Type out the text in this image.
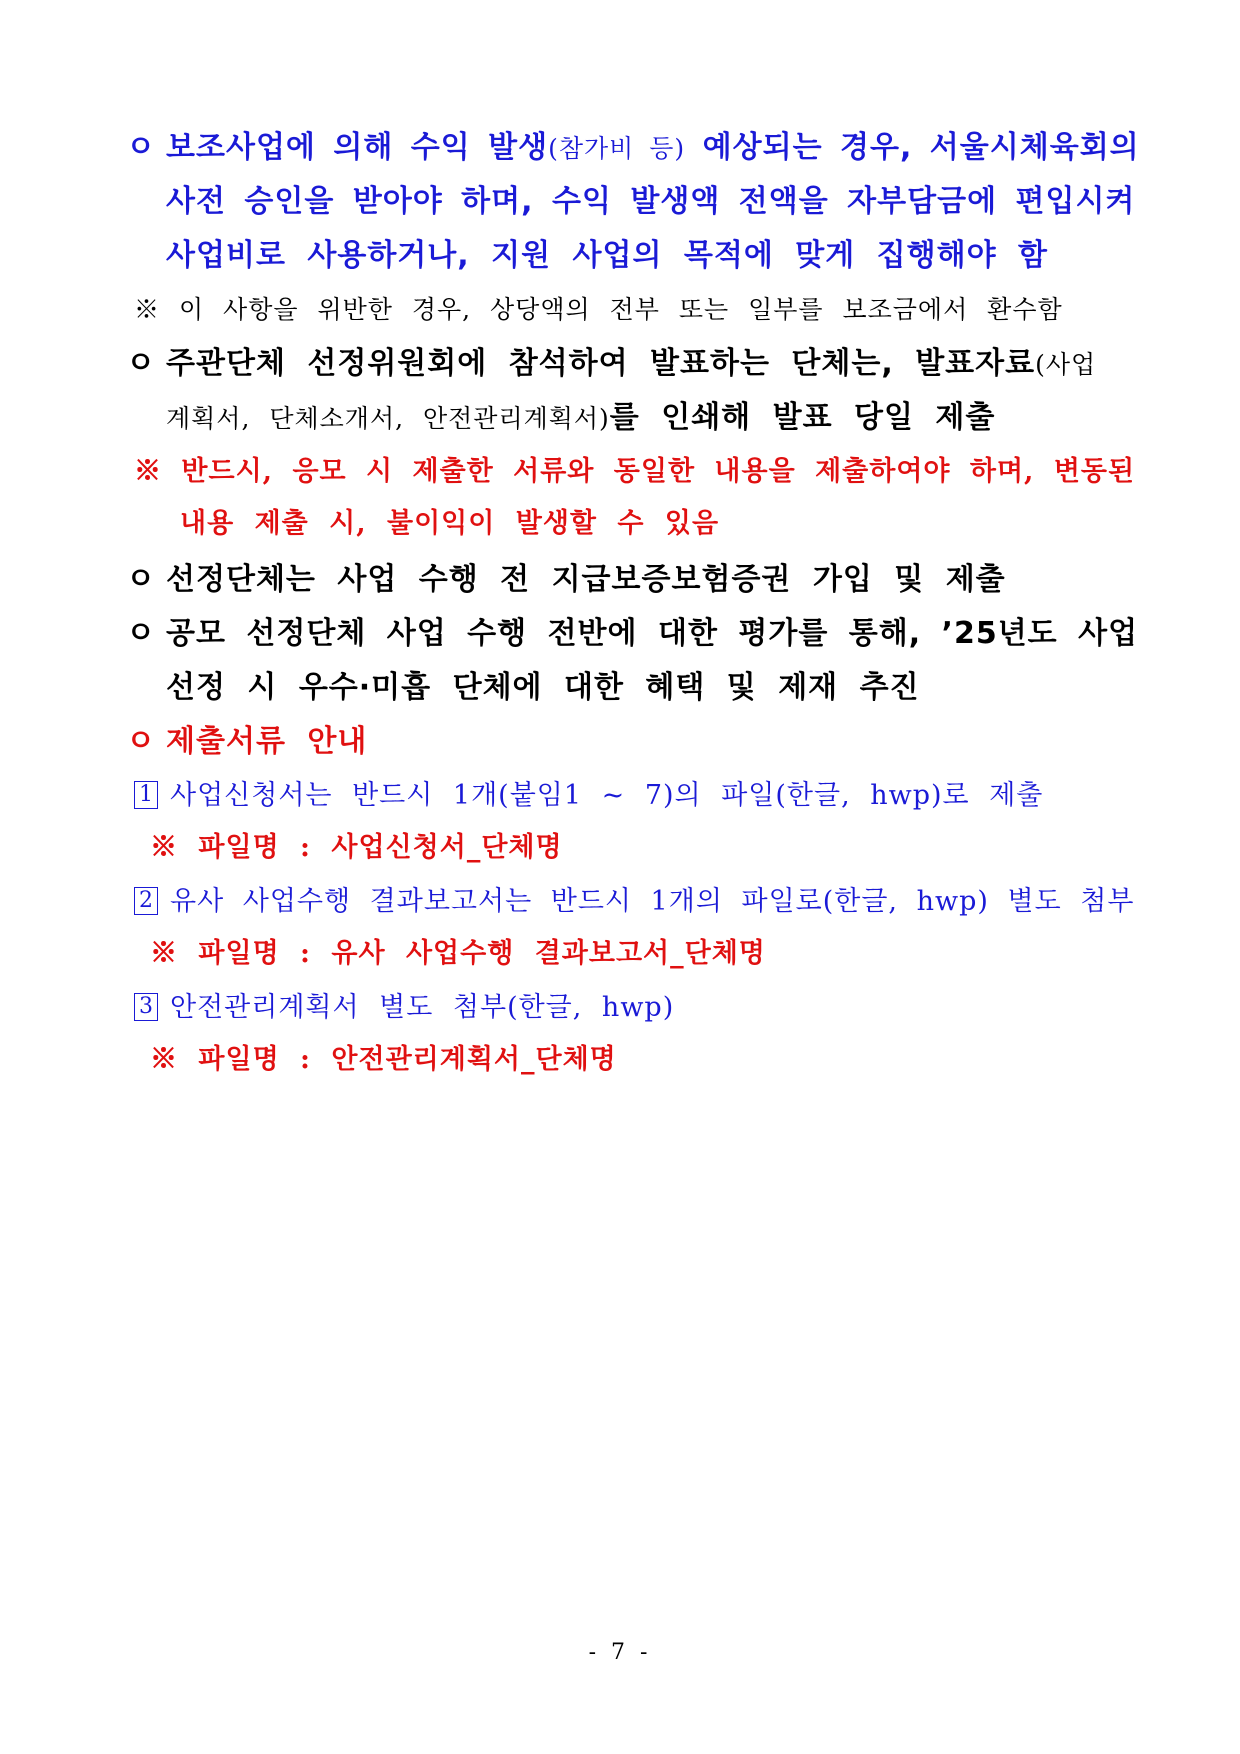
ㅇ 보조사업에 의해 수익 발생(참가비 등) 예상되는 경우, 서울시체육회의
사전 승인을 받아야 하며, 수익 발생액 전액을 자부담금에 편입시켜
사업비로 사용하거나, 지원 사업의 목적에 맞게 집행해야 함
※ 이 사항을 위반한 경우, 상당액의 전부 또는 일부를 보조금에서 환수함
ㅇ 주관단체 선정위원회에 참석하여 발표하는 단체는, 발표자료(사업
계획서, 단체소개서, 안전관리계획서)를 인쇄해 발표 당일 제출
※ 반드시, 응모 시 제출한 서류와 동일한 내용을 제출하여야 하며, 변동된
내용 제출 시, 불이익이 발생할 수 있음
ㅇ 선정단체는 사업 수행 전 지급보증보험증권 가입 및 제출
ㅇ 공모 선정단체 사업 수행 전반에 대한 평가를 통해, ’25년도 사업
선정 시 우수·미흡 단체에 대한 혜택 및 제재 추진
ㅇ 제출서류 안내
1 사업신청서는 반드시 1개(붙임1 ~ 7)의 파일(한글, hwp)로 제출
※ 파일명 : 사업신청서_단체명
2 유사 사업수행 결과보고서는 반드시 1개의 파일로(한글, hwp) 별도 첨부
※ 파일명 : 유사 사업수행 결과보고서_단체명
3 안전관리계획서 별도 첨부(한글, hwp)
※ 파일명 : 안전관리계획서_단체명
- 7 -
